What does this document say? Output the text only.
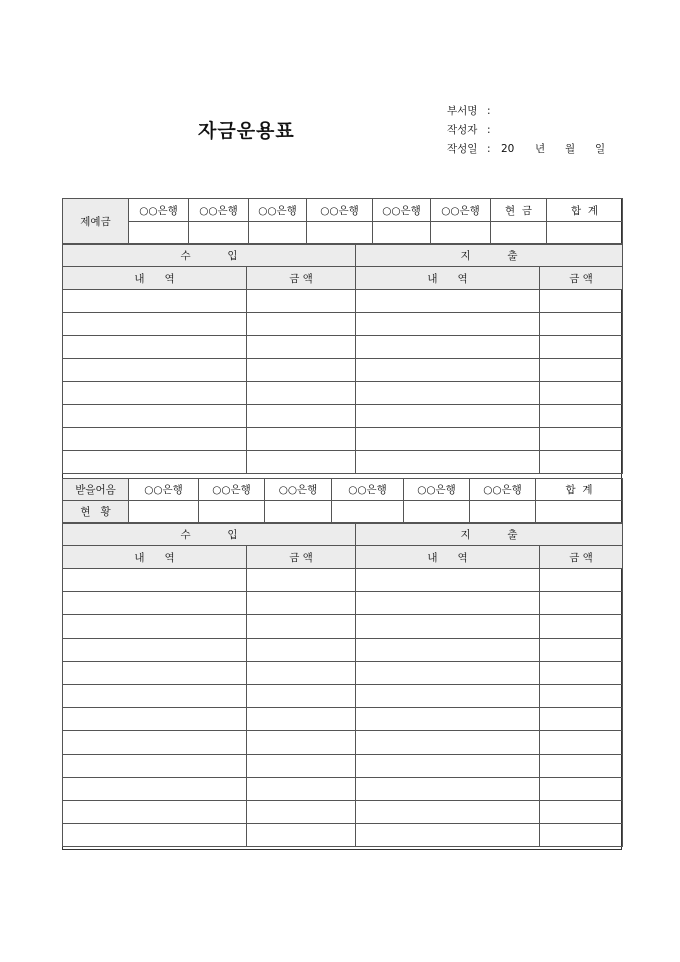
자금운용표
부서명 :
작성자 :
작성일 : 20 년 월 일
제예금	○○은행	○○은행	○○은행	○○은행	○○은행	○○은행	현  금	합  계

수           입		지           출	
내      역	금 액	내      역	금 액

받을어음	○○은행	○○은행	○○은행	○○은행	○○은행	○○은행	합  계
현   황							
수           입		지           출	
내      역	금 액	내      역	금 액
